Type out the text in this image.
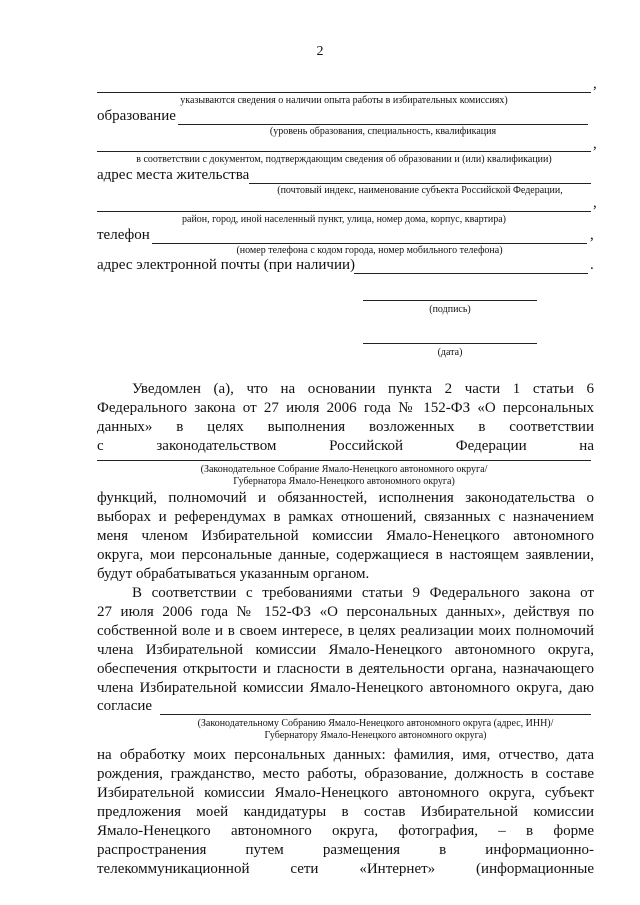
2
,
указываются сведения о наличии опыта работы в избирательных комиссиях)
образование
(уровень образования, специальность, квалификация
,
в соответствии с документом, подтверждающим сведения об образовании и (или) квалификации)
адрес места жительства
(почтовый индекс, наименование субъекта Российской Федерации,
,
район, город, иной населенный пункт, улица, номер дома, корпус, квартира)
телефон	,
(номер телефона с кодом города, номер мобильного телефона)
адрес электронной почты (при наличии)	.
(подпись)
(дата)
Уведомлен (а), что на основании пункта 2 части 1 статьи 6
Федерального закона от 27 июля 2006 года № 152-ФЗ «О персональных
данных» в целях выполнения возложенных в соответствии
с законодательством Российской Федерации на
(Законодательное Собрание Ямало-Ненецкого автономного округа/
Губернатора Ямало-Ненецкого автономного округа)
функций, полномочий и обязанностей, исполнения законодательства о
выборах и референдумах в рамках отношений, связанных с назначением
меня членом Избирательной комиссии Ямало-Ненецкого автономного
округа, мои персональные данные, содержащиеся в настоящем заявлении,
будут обрабатываться указанным органом.
В соответствии с требованиями статьи 9 Федерального закона от
27 июля 2006 года № 152-ФЗ «О персональных данных», действуя по
собственной воле и в своем интересе, в целях реализации моих полномочий
члена Избирательной комиссии Ямало-Ненецкого автономного округа,
обеспечения открытости и гласности в деятельности органа, назначающего
члена Избирательной комиссии Ямало-Ненецкого автономного округа, даю
согласие
(Законодательному Собранию Ямало-Ненецкого автономного округа (адрес, ИНН)/
Губернатору Ямало-Ненецкого автономного округа)
на обработку моих персональных данных: фамилия, имя, отчество, дата
рождения, гражданство, место работы, образование, должность в составе
Избирательной комиссии Ямало-Ненецкого автономного округа, субъект
предложения моей кандидатуры в состав Избирательной комиссии
Ямало-Ненецкого автономного округа, фотография, – в форме
распространения путем размещения в информационно-
телекоммуникационной сети «Интернет» (информационные
